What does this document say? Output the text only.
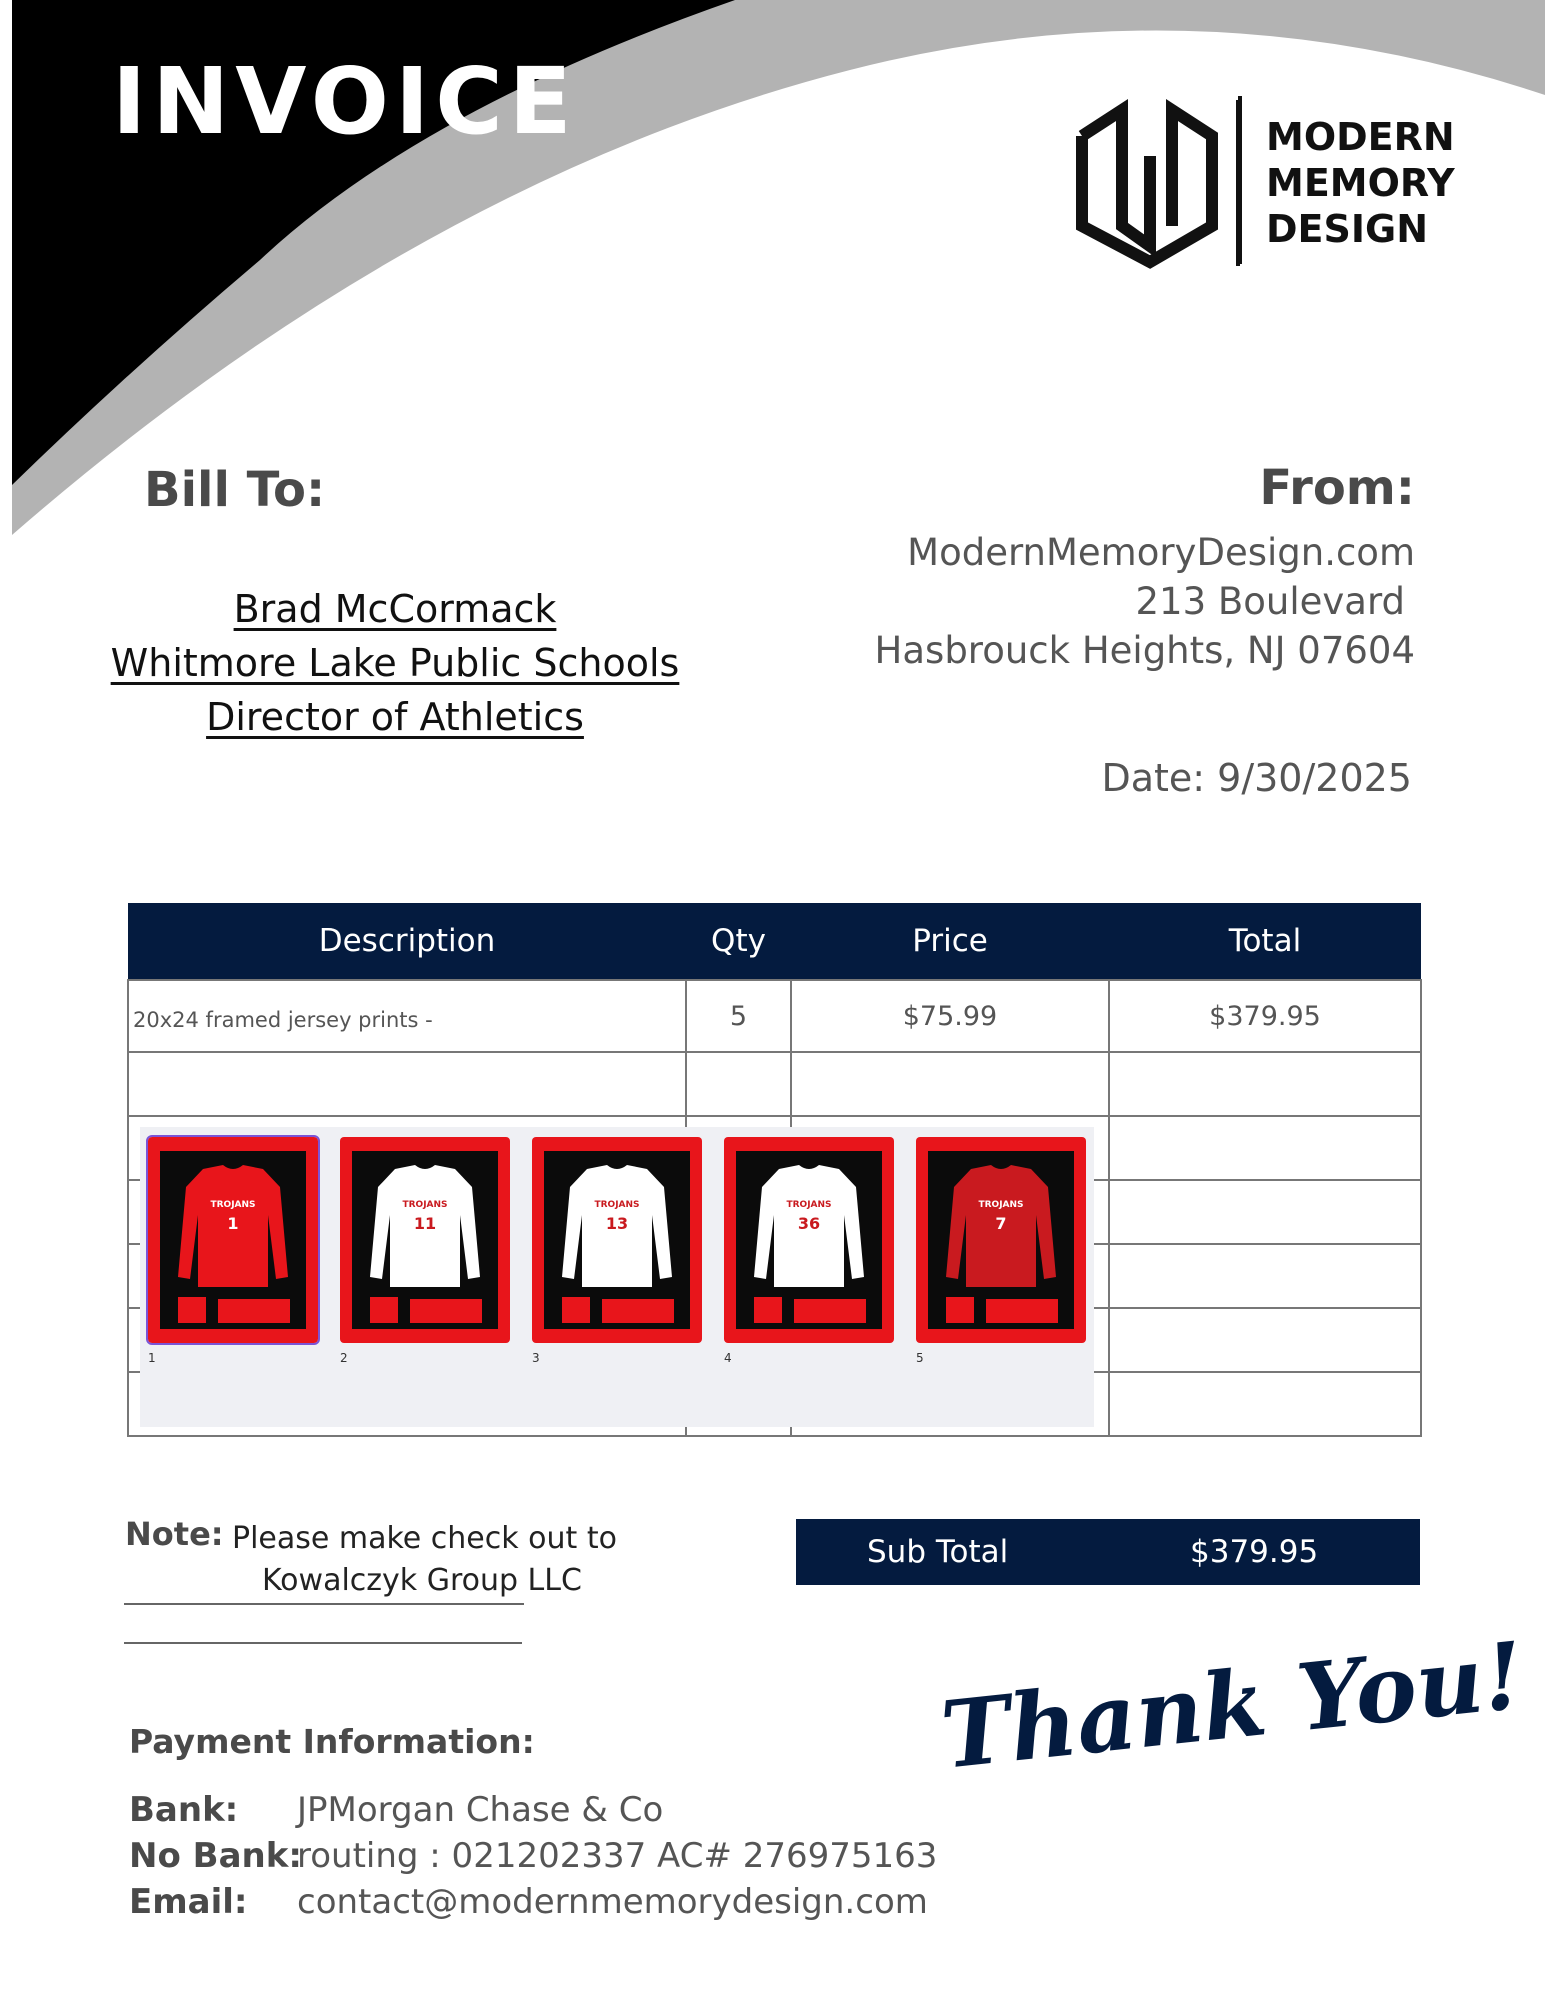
INVOICE	MODERN
MEMORY
DESIGN
Bill To:	From:
Brad McCormack
Whitmore Lake Public Schools
Director of Athletics
ModernMemoryDesign.com
213 Boulevard
Hasbrouck Heights, NJ 07604
Date: 9/30/2025
Description	Qty	Price	Total
20x24 framed jersey prints -	5	$75.99	$379.95

TROJANS
1
1
TROJANS
11
2
TROJANS
13
3
TROJANS
36
4
TROJANS
7
5
Note: Please make check out to
Kowalczyk Group LLC
Sub Total	$379.95
Thank You!
Payment Information:
Bank: JPMorgan Chase & Co
No Bank:
routing : 021202337 AC# 276975163
Email: contact@modernmemorydesign.com
